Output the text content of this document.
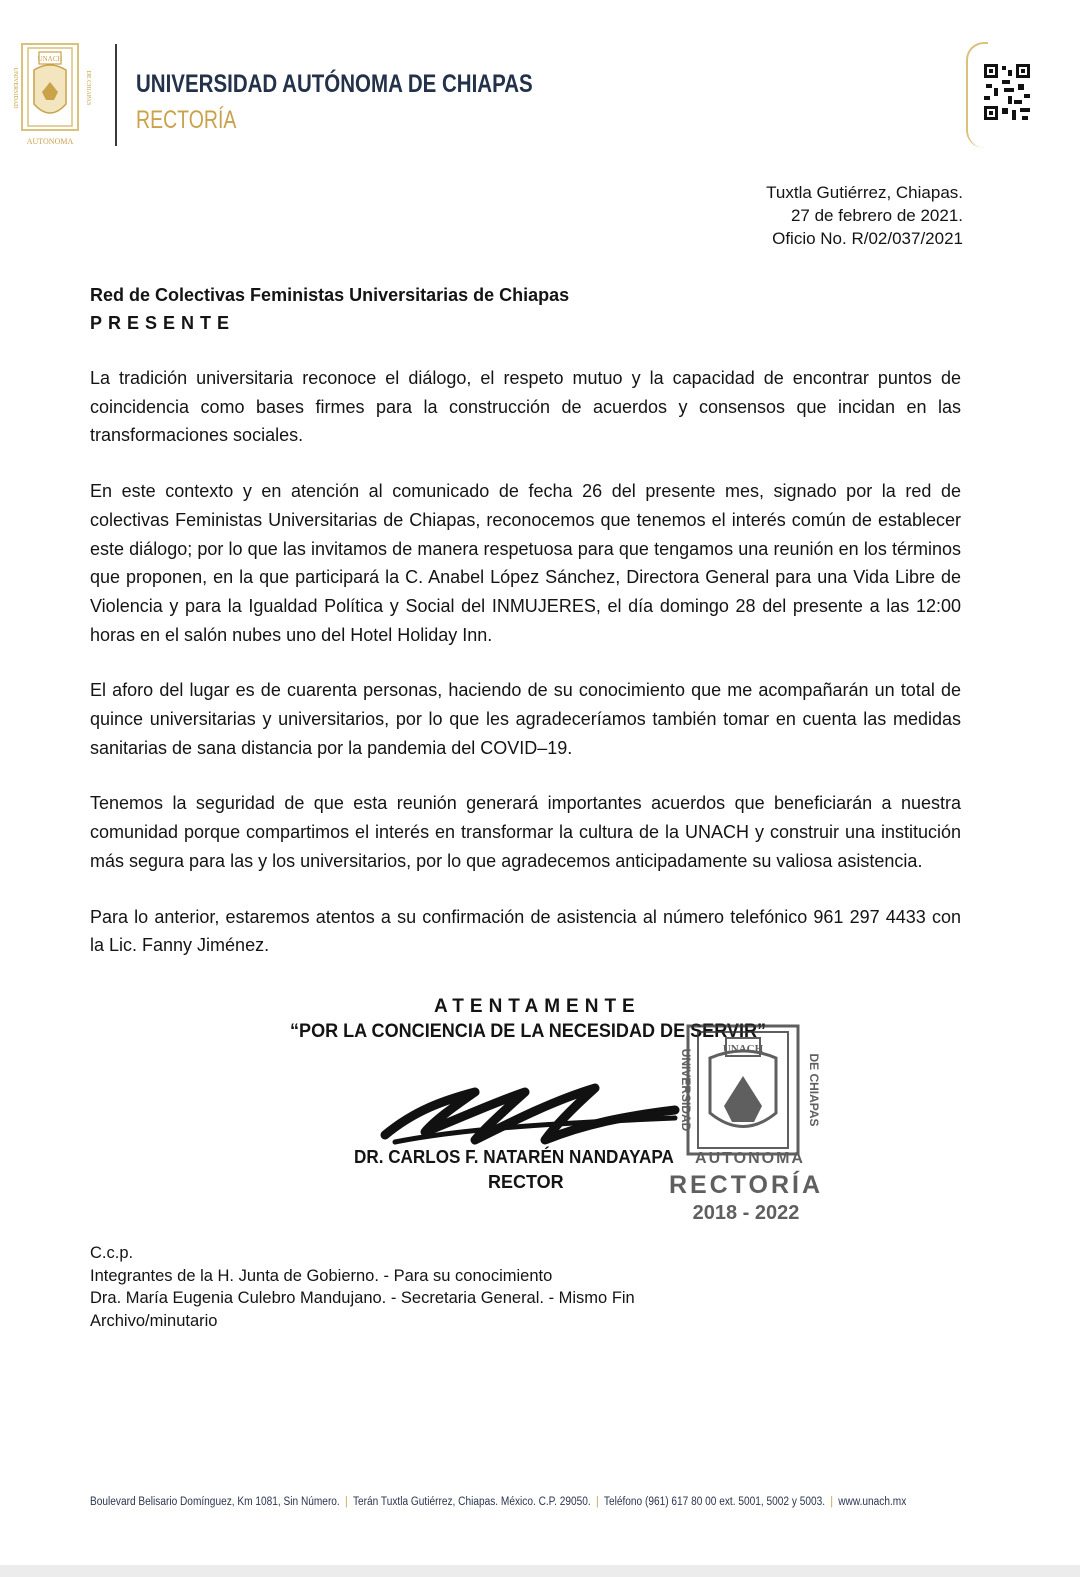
UNACH
UNIVERSIDAD	DE CHIAPAS
AUTONOMA
UNIVERSIDAD AUTÓNOMA DE CHIAPAS
RECTORÍA
Tuxtla Gutiérrez, Chiapas.
27 de febrero de 2021.
Oficio No. R/02/037/2021
Red de Colectivas Feministas Universitarias de Chiapas
PRESENTE

La tradición universitaria reconoce el diálogo, el respeto mutuo y la capacidad de encontrar puntos de coincidencia como bases firmes para la construcción de acuerdos y consensos que incidan en las transformaciones sociales.

En este contexto y en atención al comunicado de fecha 26 del presente mes, signado por la red de colectivas Feministas Universitarias de Chiapas, reconocemos que tenemos el interés común de establecer este diálogo; por lo que las invitamos de manera respetuosa para que tengamos una reunión en los términos que proponen, en la que participará la C. Anabel López Sánchez, Directora General para una Vida Libre de Violencia y para la Igualdad Política y Social del INMUJERES, el día domingo 28 del presente a las 12:00 horas en el salón nubes uno del Hotel Holiday Inn.

El aforo del lugar es de cuarenta personas, haciendo de su conocimiento que me acompañarán un total de quince universitarias y universitarios, por lo que les agradeceríamos también tomar en cuenta las medidas sanitarias de sana distancia por la pandemia del COVID–19.

Tenemos la seguridad de que esta reunión generará importantes acuerdos que beneficiarán a nuestra comunidad porque compartimos el interés en transformar la cultura de la UNACH y construir una institución más segura para las y los universitarios, por lo que agradecemos anticipadamente su valiosa asistencia.

Para lo anterior, estaremos atentos a su confirmación de asistencia al número telefónico 961 297 4433 con la Lic. Fanny Jiménez.

ATENTAMENTE
“POR LA CONCIENCIA DE LA NECESIDAD DE SERVIR”
UNACH
UNIVERSIDAD	DE CHIAPAS
AUTONOMA
RECTORÍA
2018 - 2022
DR. CARLOS F. NATARÉN NANDAYAPA
RECTOR
C.c.p.
Integrantes de la H. Junta de Gobierno. - Para su conocimiento
Dra. María Eugenia Culebro Mandujano. - Secretaria General. - Mismo Fin
Archivo/minutario
Boulevard Belisario Domínguez, Km 1081, Sin Número. | Terán Tuxtla Gutiérrez, Chiapas. México. C.P. 29050. | Teléfono (961) 617 80 00 ext. 5001, 5002 y 5003. | www.unach.mx
